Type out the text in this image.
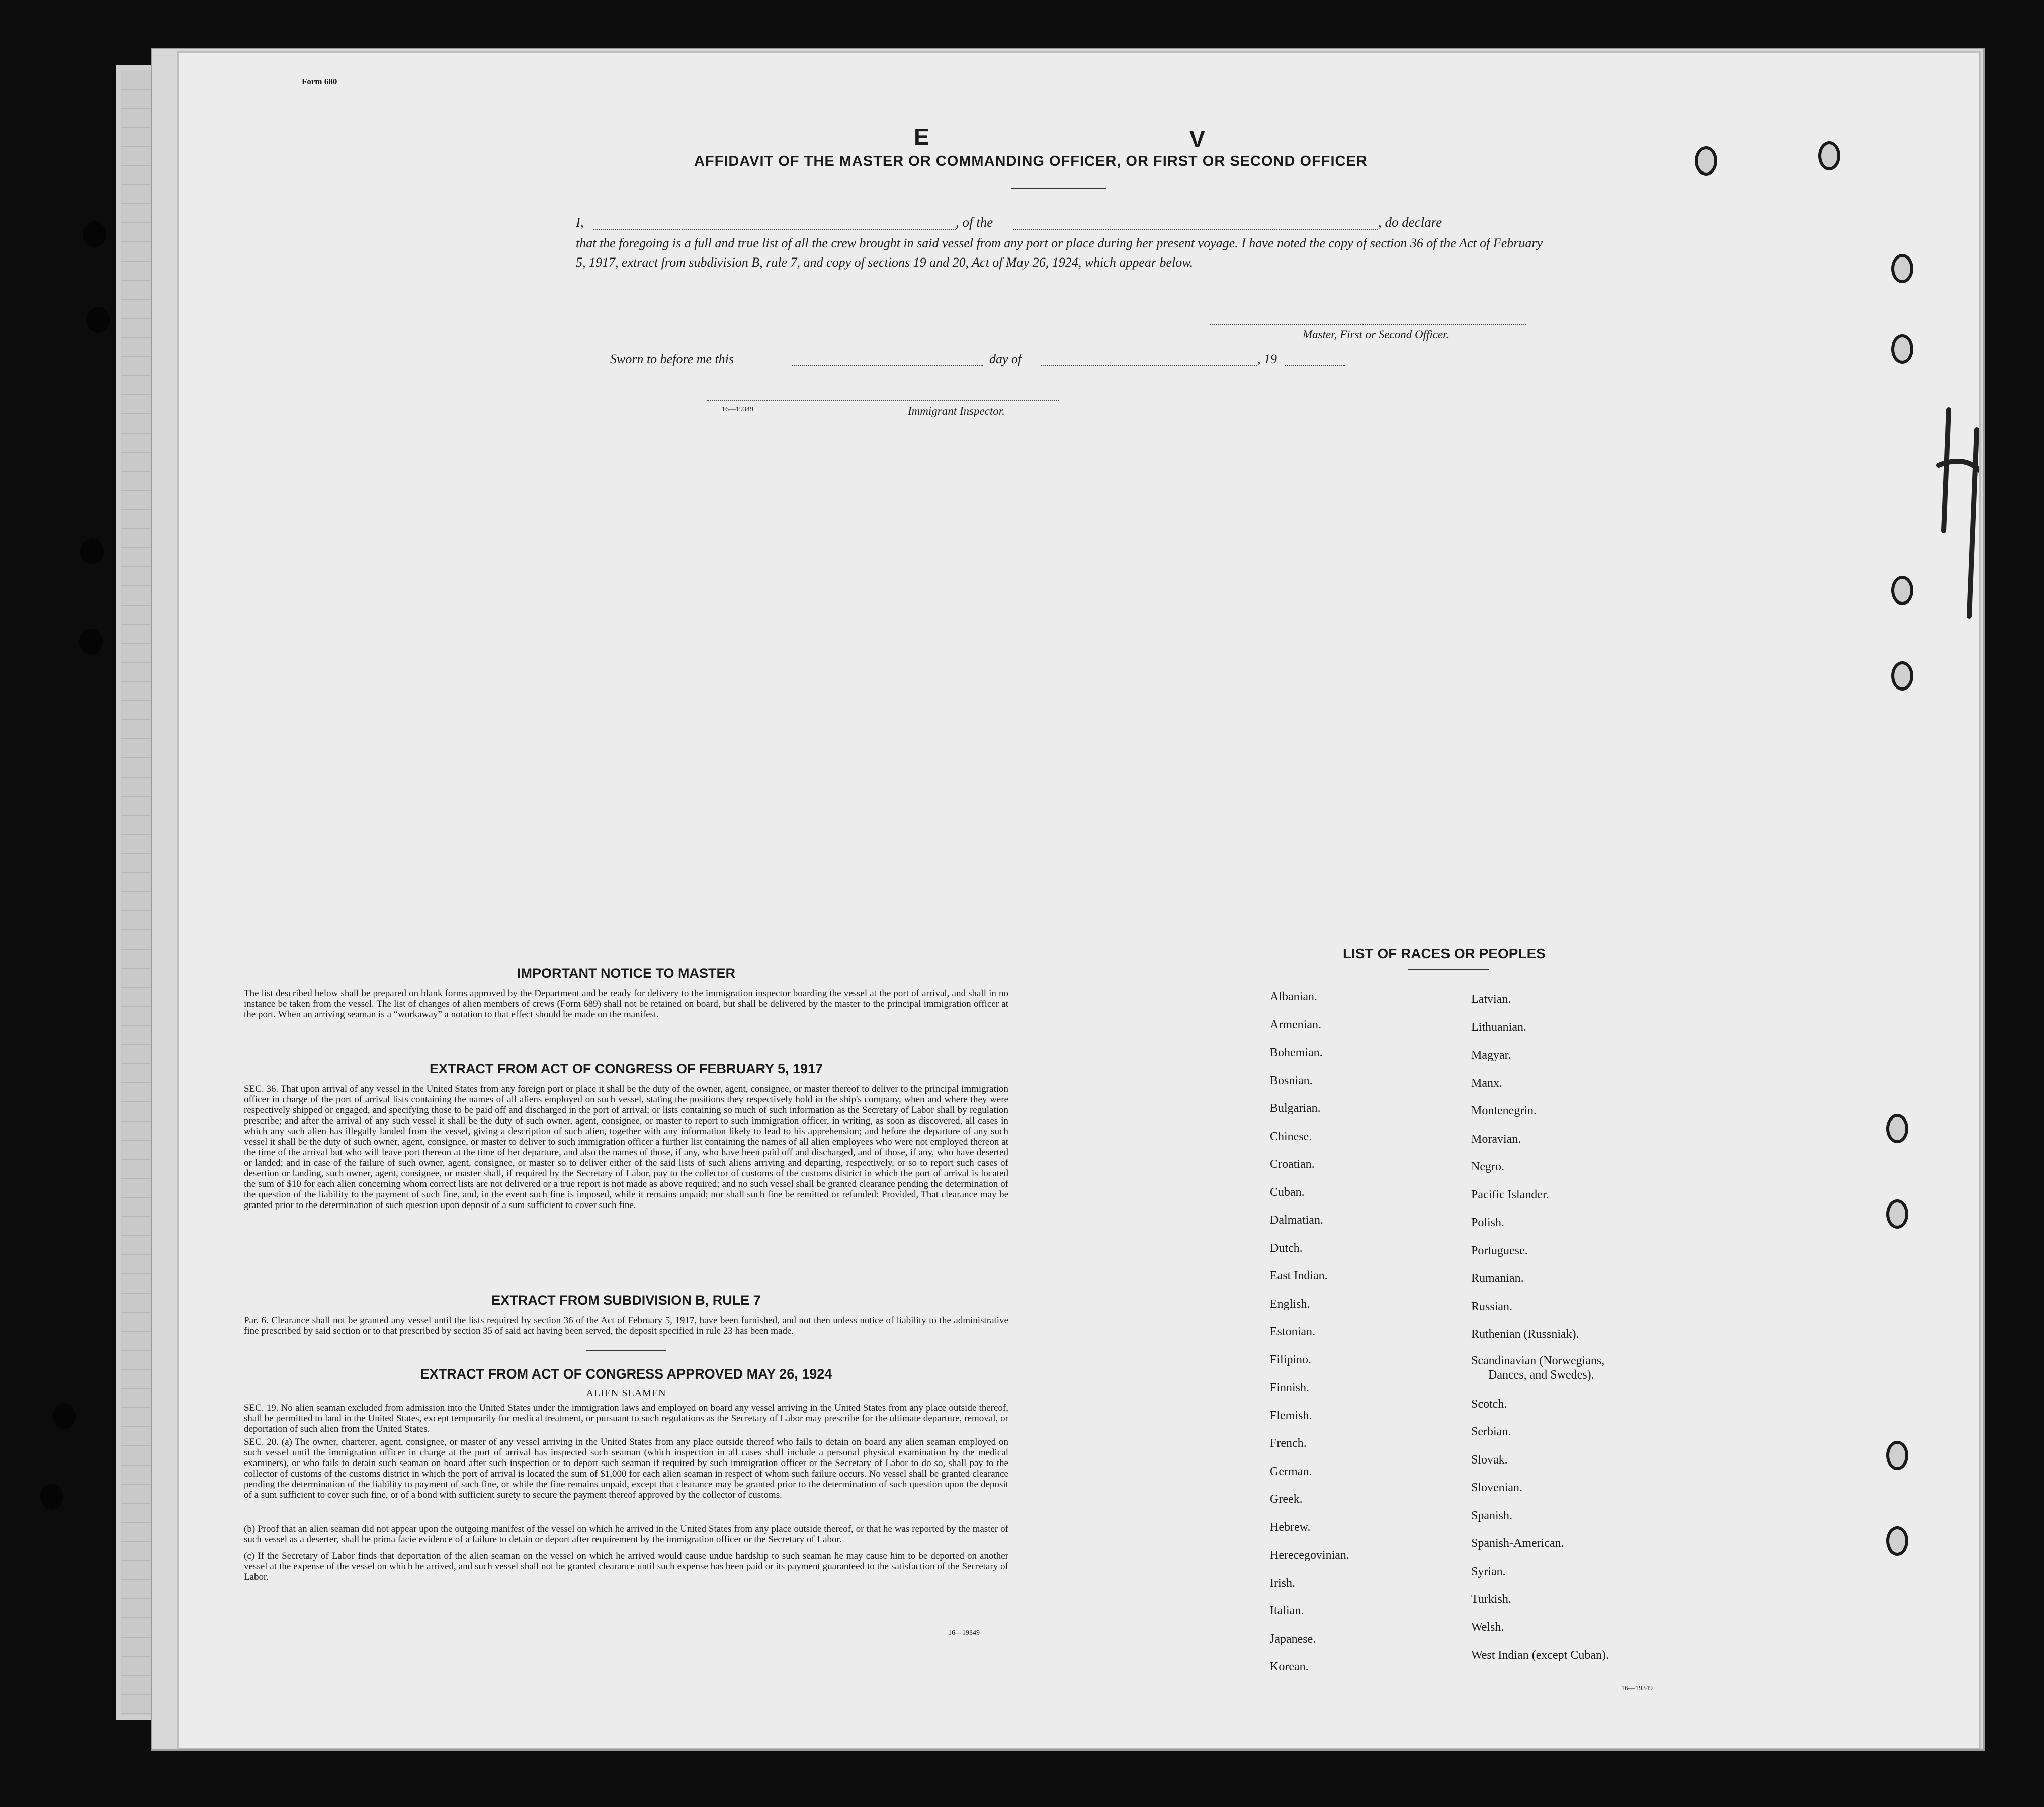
Form 680
E	V
AFFIDAVIT OF THE MASTER OR COMMANDING OFFICER, OR FIRST OR SECOND OFFICER
I,	, of the	, do declare
that the foregoing is a full and true list of all the crew brought in said vessel from any port or place during her present voyage. I have noted the copy of section 36 of the Act of February 5, 1917, extract from subdivision B, rule 7, and copy of sections 19 and 20, Act of May 26, 1924, which appear below.
Master, First or Second Officer.
Sworn to before me this	day of	, 19
16—19349	Immigrant Inspector.
IMPORTANT NOTICE TO MASTER
The list described below shall be prepared on blank forms approved by the Department and be ready for delivery to the immigration inspector boarding the vessel at the port of arrival, and shall in no instance be taken from the vessel. The list of changes of alien members of crews (Form 689) shall not be retained on board, but shall be delivered by the master to the principal immigration officer at the port. When an arriving seaman is a “workaway” a notation to that effect should be made on the manifest.
EXTRACT FROM ACT OF CONGRESS OF FEBRUARY 5, 1917
SEC. 36. That upon arrival of any vessel in the United States from any foreign port or place it shall be the duty of the owner, agent, consignee, or master thereof to deliver to the principal immigration officer in charge of the port of arrival lists containing the names of all aliens employed on such vessel, stating the positions they respectively hold in the ship's company, when and where they were respectively shipped or engaged, and specifying those to be paid off and discharged in the port of arrival; or lists containing so much of such information as the Secretary of Labor shall by regulation prescribe; and after the arrival of any such vessel it shall be the duty of such owner, agent, consignee, or master to report to such immigration officer, in writing, as soon as discovered, all cases in which any such alien has illegally landed from the vessel, giving a description of such alien, together with any information likely to lead to his apprehension; and before the departure of any such vessel it shall be the duty of such owner, agent, consignee, or master to deliver to such immigration officer a further list containing the names of all alien employees who were not employed thereon at the time of the arrival but who will leave port thereon at the time of her departure, and also the names of those, if any, who have been paid off and discharged, and of those, if any, who have deserted or landed; and in case of the failure of such owner, agent, consignee, or master so to deliver either of the said lists of such aliens arriving and departing, respectively, or so to report such cases of desertion or landing, such owner, agent, consignee, or master shall, if required by the Secretary of Labor, pay to the collector of customs of the customs district in which the port of arrival is located the sum of $10 for each alien concerning whom correct lists are not delivered or a true report is not made as above required; and no such vessel shall be granted clearance pending the determination of the question of the liability to the payment of such fine, and, in the event such fine is imposed, while it remains unpaid; nor shall such fine be remitted or refunded: Provided, That clearance may be granted prior to the determination of such question upon deposit of a sum sufficient to cover such fine.
EXTRACT FROM SUBDIVISION B, RULE 7
Par. 6. Clearance shall not be granted any vessel until the lists required by section 36 of the Act of February 5, 1917, have been furnished, and not then unless notice of liability to the administrative fine prescribed by said section or to that prescribed by section 35 of said act having been served, the deposit specified in rule 23 has been made.
EXTRACT FROM ACT OF CONGRESS APPROVED MAY 26, 1924
ALIEN SEAMEN
SEC. 19. No alien seaman excluded from admission into the United States under the immigration laws and employed on board any vessel arriving in the United States from any place outside thereof, shall be permitted to land in the United States, except temporarily for medical treatment, or pursuant to such regulations as the Secretary of Labor may prescribe for the ultimate departure, removal, or deportation of such alien from the United States.
SEC. 20. (a) The owner, charterer, agent, consignee, or master of any vessel arriving in the United States from any place outside thereof who fails to detain on board any alien seaman employed on such vessel until the immigration officer in charge at the port of arrival has inspected such seaman (which inspection in all cases shall include a personal physical examination by the medical examiners), or who fails to detain such seaman on board after such inspection or to deport such seaman if required by such immigration officer or the Secretary of Labor to do so, shall pay to the collector of customs of the customs district in which the port of arrival is located the sum of $1,000 for each alien seaman in respect of whom such failure occurs. No vessel shall be granted clearance pending the determination of the liability to payment of such fine, or while the fine remains unpaid, except that clearance may be granted prior to the determination of such question upon the deposit of a sum sufficient to cover such fine, or of a bond with sufficient surety to secure the payment thereof approved by the collector of customs.
(b) Proof that an alien seaman did not appear upon the outgoing manifest of the vessel on which he arrived in the United States from any place outside thereof, or that he was reported by the master of such vessel as a deserter, shall be prima facie evidence of a failure to detain or deport after requirement by the immigration officer or the Secretary of Labor.
(c) If the Secretary of Labor finds that deportation of the alien seaman on the vessel on which he arrived would cause undue hardship to such seaman he may cause him to be deported on another vessel at the expense of the vessel on which he arrived, and such vessel shall not be granted clearance until such expense has been paid or its payment guaranteed to the satisfaction of the Secretary of Labor.
16—19349
LIST OF RACES OR PEOPLES
Albanian.
Armenian.
Bohemian.
Bosnian.
Bulgarian.
Chinese.
Croatian.
Cuban.
Dalmatian.
Dutch.
East Indian.
English.
Estonian.
Filipino.
Finnish.
Flemish.
French.
German.
Greek.
Hebrew.
Herecegovinian.
Irish.
Italian.
Japanese.
Korean.
Latvian.
Lithuanian.
Magyar.
Manx.
Montenegrin.
Moravian.
Negro.
Pacific Islander.
Polish.
Portuguese.
Rumanian.
Russian.
Ruthenian (Russniak).
Scandinavian (Norwegians,
Dances, and Swedes).
Scotch.
Serbian.
Slovak.
Slovenian.
Spanish.
Spanish-American.
Syrian.
Turkish.
Welsh.
West Indian (except Cuban).
16—19349
